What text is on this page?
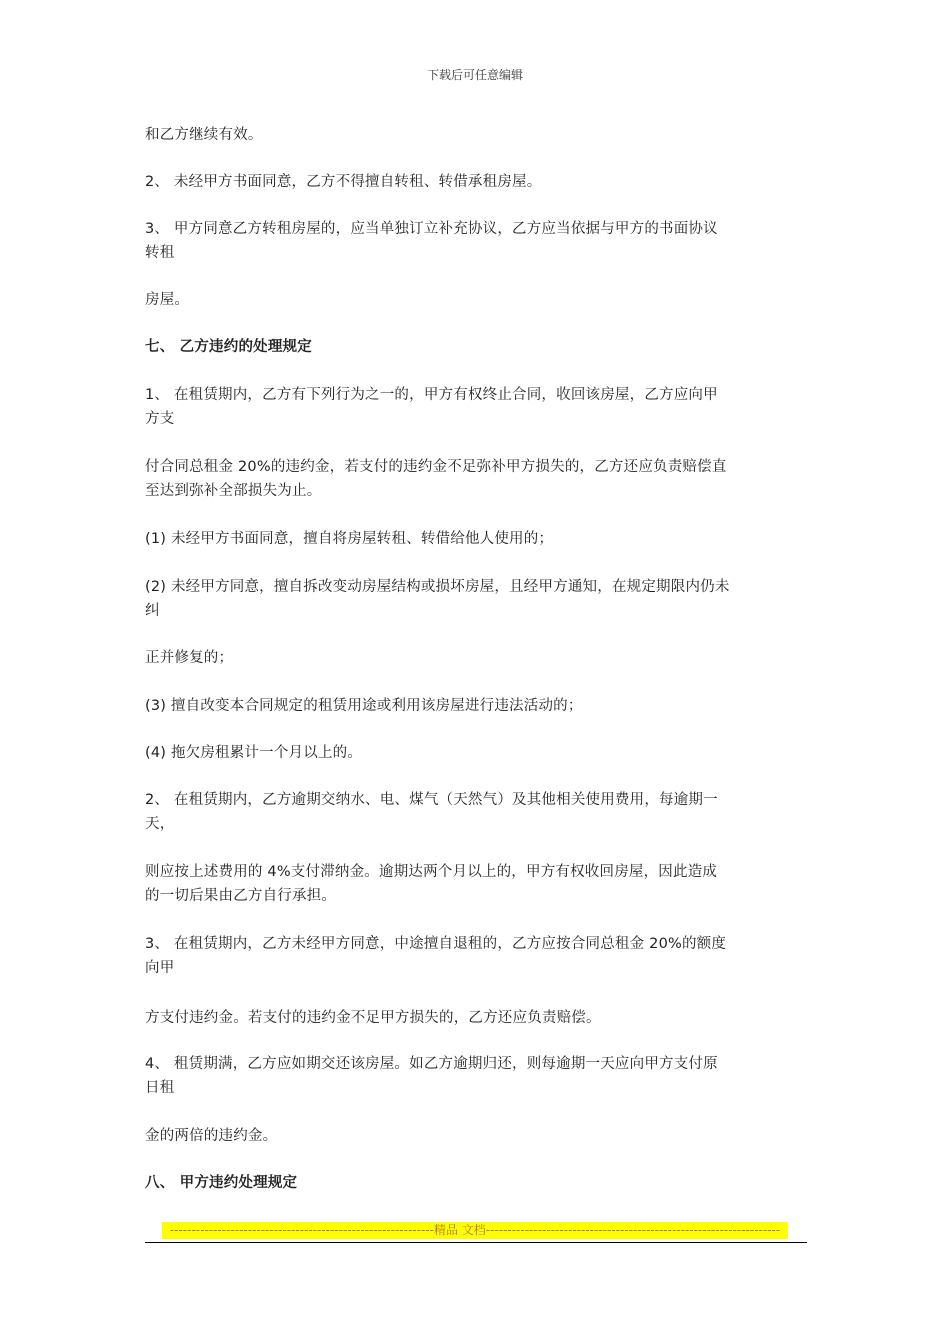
下载后可任意编辑
和乙方继续有效。
2、 未经甲方书面同意，乙方不得擅自转租、转借承租房屋。
3、 甲方同意乙方转租房屋的，应当单独订立补充协议，乙方应当依据与甲方的书面协议
转租
房屋。
七、 乙方违约的处理规定
1、 在租赁期内，乙方有下列行为之一的，甲方有权终止合同，收回该房屋，乙方应向甲
方支
付合同总租金 20%的违约金，若支付的违约金不足弥补甲方损失的，乙方还应负责赔偿直
至达到弥补全部损失为止。
(1) 未经甲方书面同意，擅自将房屋转租、转借给他人使用的；
(2) 未经甲方同意，擅自拆改变动房屋结构或损坏房屋，且经甲方通知，在规定期限内仍未
纠
正并修复的；
(3) 擅自改变本合同规定的租赁用途或利用该房屋进行违法活动的；
(4) 拖欠房租累计一个月以上的。
2、 在租赁期内，乙方逾期交纳水、电、煤气（天然气）及其他相关使用费用，每逾期一
天，
则应按上述费用的 4%支付滞纳金。逾期达两个月以上的，甲方有权收回房屋，因此造成
的一切后果由乙方自行承担。
3、 在租赁期内，乙方未经甲方同意，中途擅自退租的，乙方应按合同总租金 20%的额度
向甲
方支付违约金。若支付的违约金不足甲方损失的，乙方还应负责赔偿。
4、 租赁期满，乙方应如期交还该房屋。如乙方逾期归还，则每逾期一天应向甲方支付原
日租
金的两倍的违约金。
八、 甲方违约处理规定
-------------------------------------------------------------精品 文档--------------------------------------------------------------------
